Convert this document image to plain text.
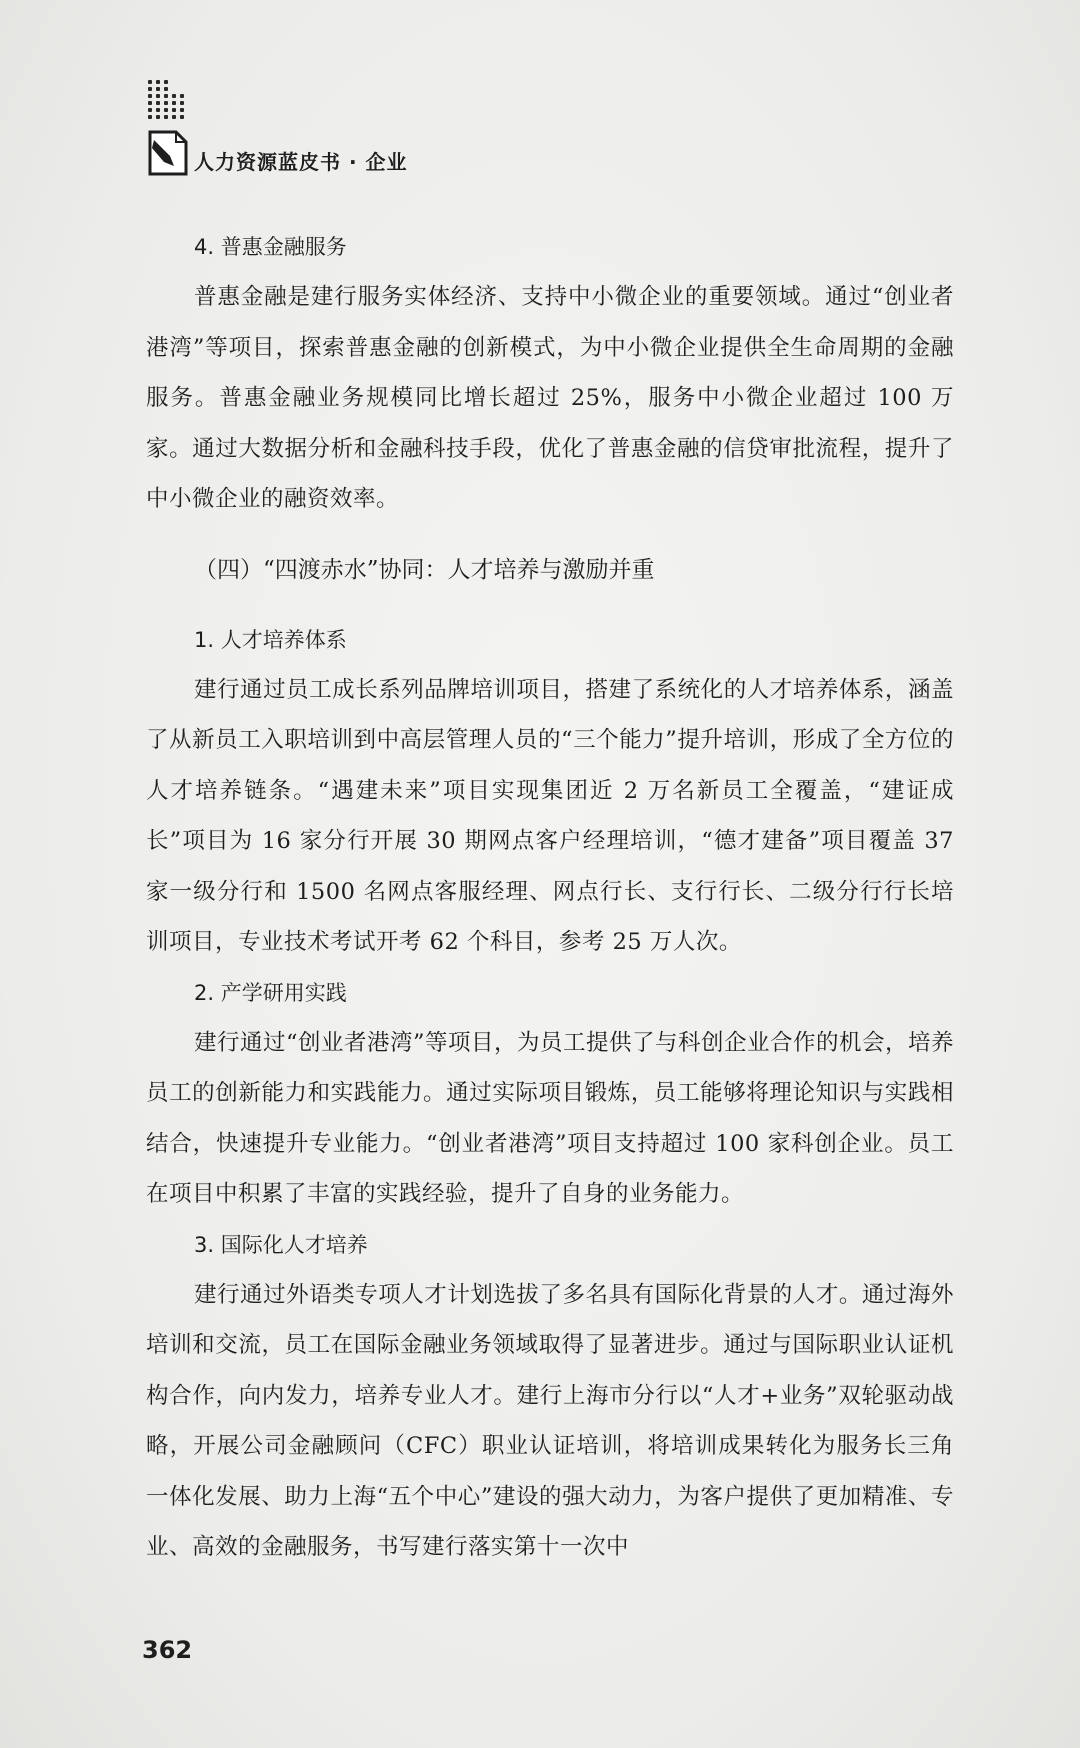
人力资源蓝皮书 · 企业
4. 普惠金融服务

普惠金融是建行服务实体经济、支持中小微企业的重要领域。通过“创业者港湾”等项目，探索普惠金融的创新模式，为中小微企业提供全生命周期的金融服务。普惠金融业务规模同比增长超过 25%，服务中小微企业超过 100 万家。通过大数据分析和金融科技手段，优化了普惠金融的信贷审批流程，提升了中小微企业的融资效率。

（四）“四渡赤水”协同：人才培养与激励并重
1. 人才培养体系

建行通过员工成长系列品牌培训项目，搭建了系统化的人才培养体系，涵盖了从新员工入职培训到中高层管理人员的“三个能力”提升培训，形成了全方位的人才培养链条。“遇建未来”项目实现集团近 2 万名新员工全覆盖，“建证成长”项目为 16 家分行开展 30 期网点客户经理培训，“德才建备”项目覆盖 37 家一级分行和 1500 名网点客服经理、网点行长、支行行长、二级分行行长培训项目，专业技术考试开考 62 个科目，参考 25 万人次。

2. 产学研用实践

建行通过“创业者港湾”等项目，为员工提供了与科创企业合作的机会，培养员工的创新能力和实践能力。通过实际项目锻炼，员工能够将理论知识与实践相结合，快速提升专业能力。“创业者港湾”项目支持超过 100 家科创企业。员工在项目中积累了丰富的实践经验，提升了自身的业务能力。

3. 国际化人才培养

建行通过外语类专项人才计划选拔了多名具有国际化背景的人才。通过海外培训和交流，员工在国际金融业务领域取得了显著进步。通过与国际职业认证机构合作，向内发力，培养专业人才。建行上海市分行以“人才+业务”双轮驱动战略，开展公司金融顾问（CFC）职业认证培训，将培训成果转化为服务长三角一体化发展、助力上海“五个中心”建设的强大动力，为客户提供了更加精准、专业、高效的金融服务，书写建行落实第十一次中

362
